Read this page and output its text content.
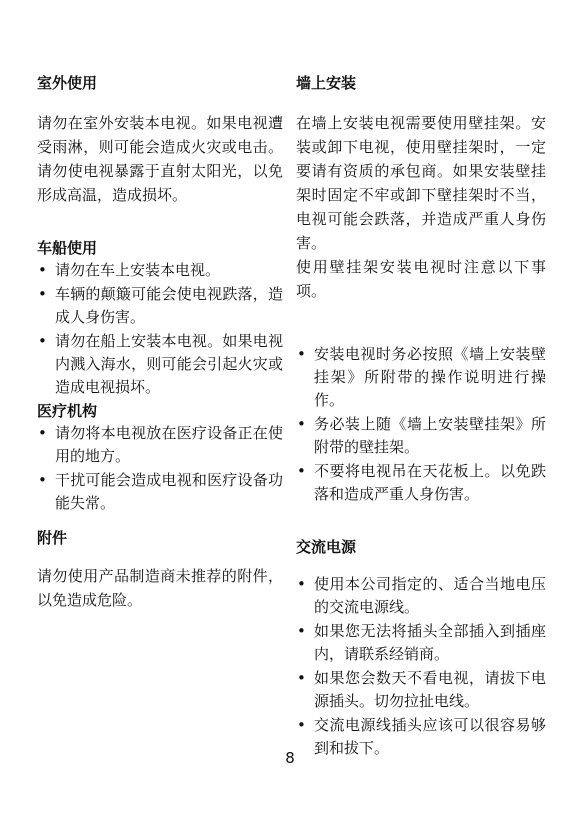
室外使用

请勿在室外安装本电视。如果电视遭受雨淋，则可能会造成火灾或电击。请勿使电视暴露于直射太阳光，以免形成高温，造成损坏。

车船使用
• 请勿在车上安装本电视。
• 车辆的颠簸可能会使电视跌落，造成人身伤害。
• 请勿在船上安装本电视。如果电视内溅入海水，则可能会引起火灾或造成电视损坏。
医疗机构
• 请勿将本电视放在医疗设备正在使用的地方。
• 干扰可能会造成电视和医疗设备功能失常。
附件

请勿使用产品制造商未推荐的附件，以免造成危险。

墙上安装

在墙上安装电视需要使用壁挂架。安装或卸下电视，使用壁挂架时，一定要请有资质的承包商。如果安装壁挂架时固定不牢或卸下壁挂架时不当，电视可能会跌落，并造成严重人身伤害。

使用壁挂架安装电视时注意以下事项。

• 安装电视时务必按照《墙上安装壁挂架》所附带的操作说明进行操作。
• 务必装上随《墙上安装壁挂架》所附带的壁挂架。
• 不要将电视吊在天花板上。以免跌落和造成严重人身伤害。
交流电源
• 使用本公司指定的、适合当地电压的交流电源线。
• 如果您无法将插头全部插入到插座内，请联系经销商。
• 如果您会数天不看电视，请拔下电源插头。切勿拉扯电线。
• 交流电源线插头应该可以很容易够到和拔下。
8
